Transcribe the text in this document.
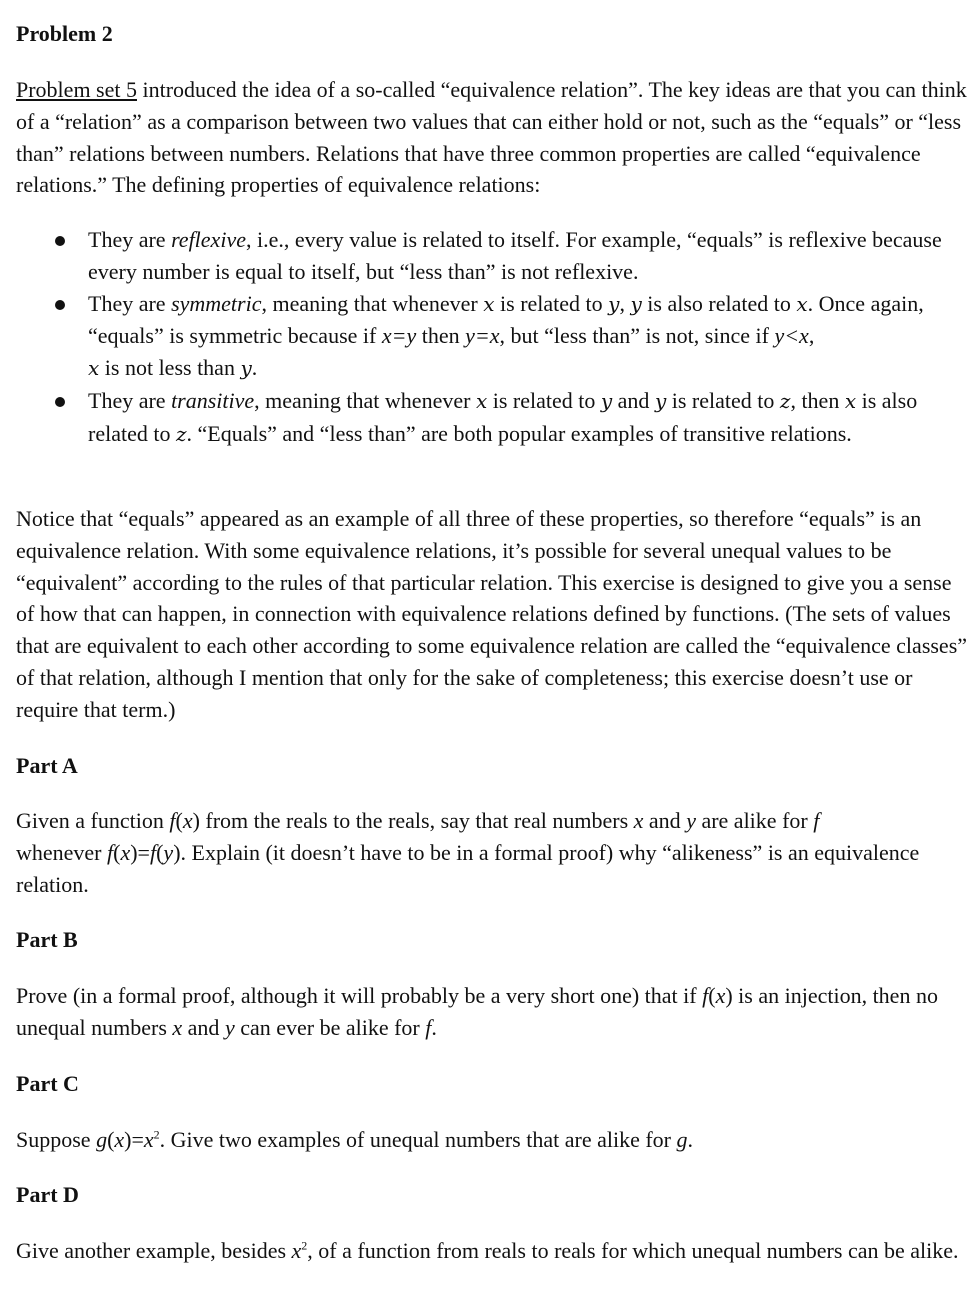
Problem 2

Problem set 5 introduced the idea of a so-called “equivalence relation”. The key ideas are that you can think of a “relation” as a comparison between two values that can either hold or not, such as the “equals” or “less than” relations between numbers. Relations that have three common properties are called “equivalence relations.” The defining properties of equivalence relations:

They are reflexive, i.e., every value is related to itself. For example, “equals” is reflexive because every number is equal to itself, but “less than” is not reflexive.
They are symmetric, meaning that whenever x is related to y, y is also related to x. Once again, “equals” is symmetric because if x=y then y=x, but “less than” is not, since if y<x,
x is not less than y.
They are transitive, meaning that whenever x is related to y and y is related to z, then x is also related to z. “Equals” and “less than” are both popular examples of transitive relations.

Notice that “equals” appeared as an example of all three of these properties, so therefore “equals” is an equivalence relation. With some equivalence relations, it’s possible for several unequal values to be “equivalent” according to the rules of that particular relation. This exercise is designed to give you a sense of how that can happen, in connection with equivalence relations defined by functions. (The sets of values that are equivalent to each other according to some equivalence relation are called the “equivalence classes” of that relation, although I mention that only for the sake of completeness; this exercise doesn’t use or require that term.)

Part A

Given a function f(x) from the reals to the reals, say that real numbers x and y are alike for f
whenever f(x)=f(y). Explain (it doesn’t have to be in a formal proof) why “alikeness” is an equivalence relation.

Part B

Prove (in a formal proof, although it will probably be a very short one) that if f(x) is an injection, then no unequal numbers x and y can ever be alike for f.

Part C

Suppose $g(x)=x^2$. Give two examples of unequal numbers that are alike for g.

Part D

Give another example, besides $x^2$, of a function from reals to reals for which unequal numbers can be alike.
